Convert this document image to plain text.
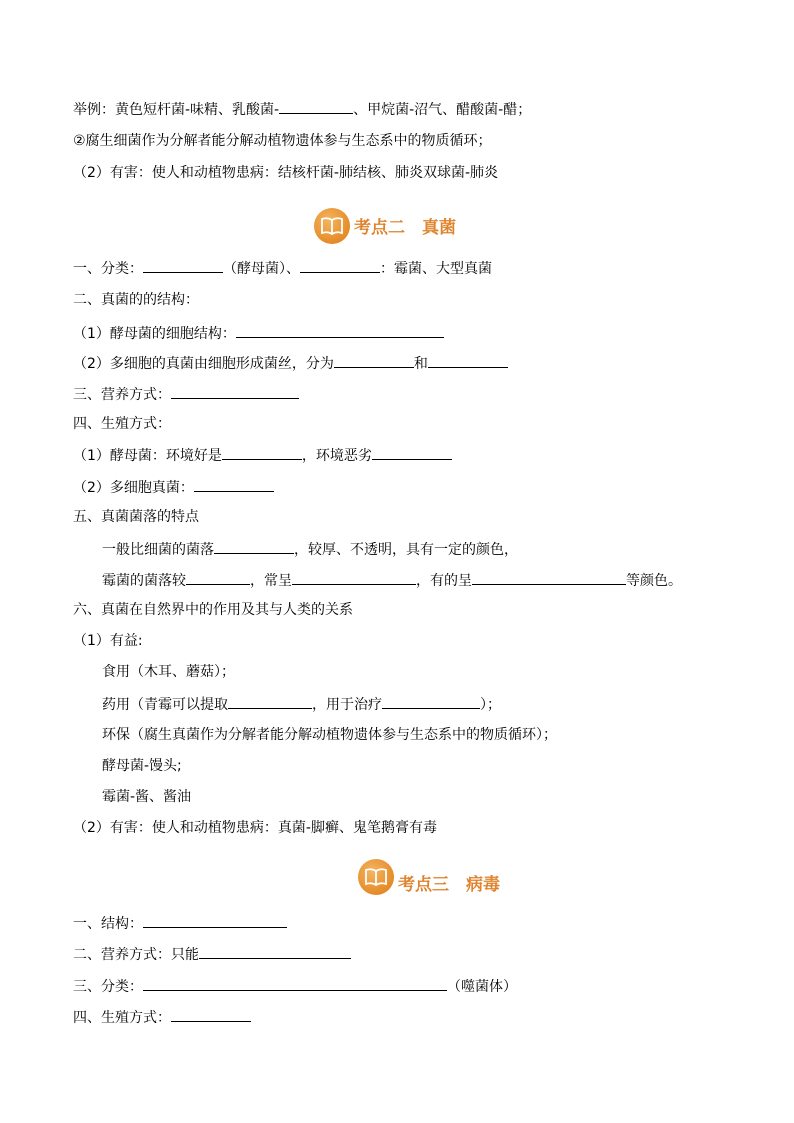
举例：黄色短杆菌-味精、乳酸菌-	、甲烷菌-沼气、醋酸菌-醋；
②腐生细菌作为分解者能分解动植物遗体参与生态系中的物质循环；
（2）有害：使人和动植物患病：结核杆菌-肺结核、肺炎双球菌-肺炎
考点二　真菌
一、分类：	（酵母菌）、	：霉菌、大型真菌
二、真菌的的结构：
（1）酵母菌的细胞结构：
（2）多细胞的真菌由细胞形成菌丝，分为	和
三、营养方式：
四、生殖方式：
（1）酵母菌：环境好是	，环境恶劣
（2）多细胞真菌：
五、真菌菌落的特点
一般比细菌的菌落	，较厚、不透明，具有一定的颜色，
霉菌的菌落较	，常呈	，有的呈	等颜色。
六、真菌在自然界中的作用及其与人类的关系
（1）有益:
食用（木耳、蘑菇）；
药用（青霉可以提取	，用于治疗	）；
环保（腐生真菌作为分解者能分解动植物遗体参与生态系中的物质循环）；
酵母菌-馒头;
霉菌-酱、酱油
（2）有害：使人和动植物患病：真菌-脚癣、鬼笔鹅膏有毒
考点三　病毒
一、结构：
二、营养方式：只能
三、分类：	（噬菌体）
四、生殖方式：
